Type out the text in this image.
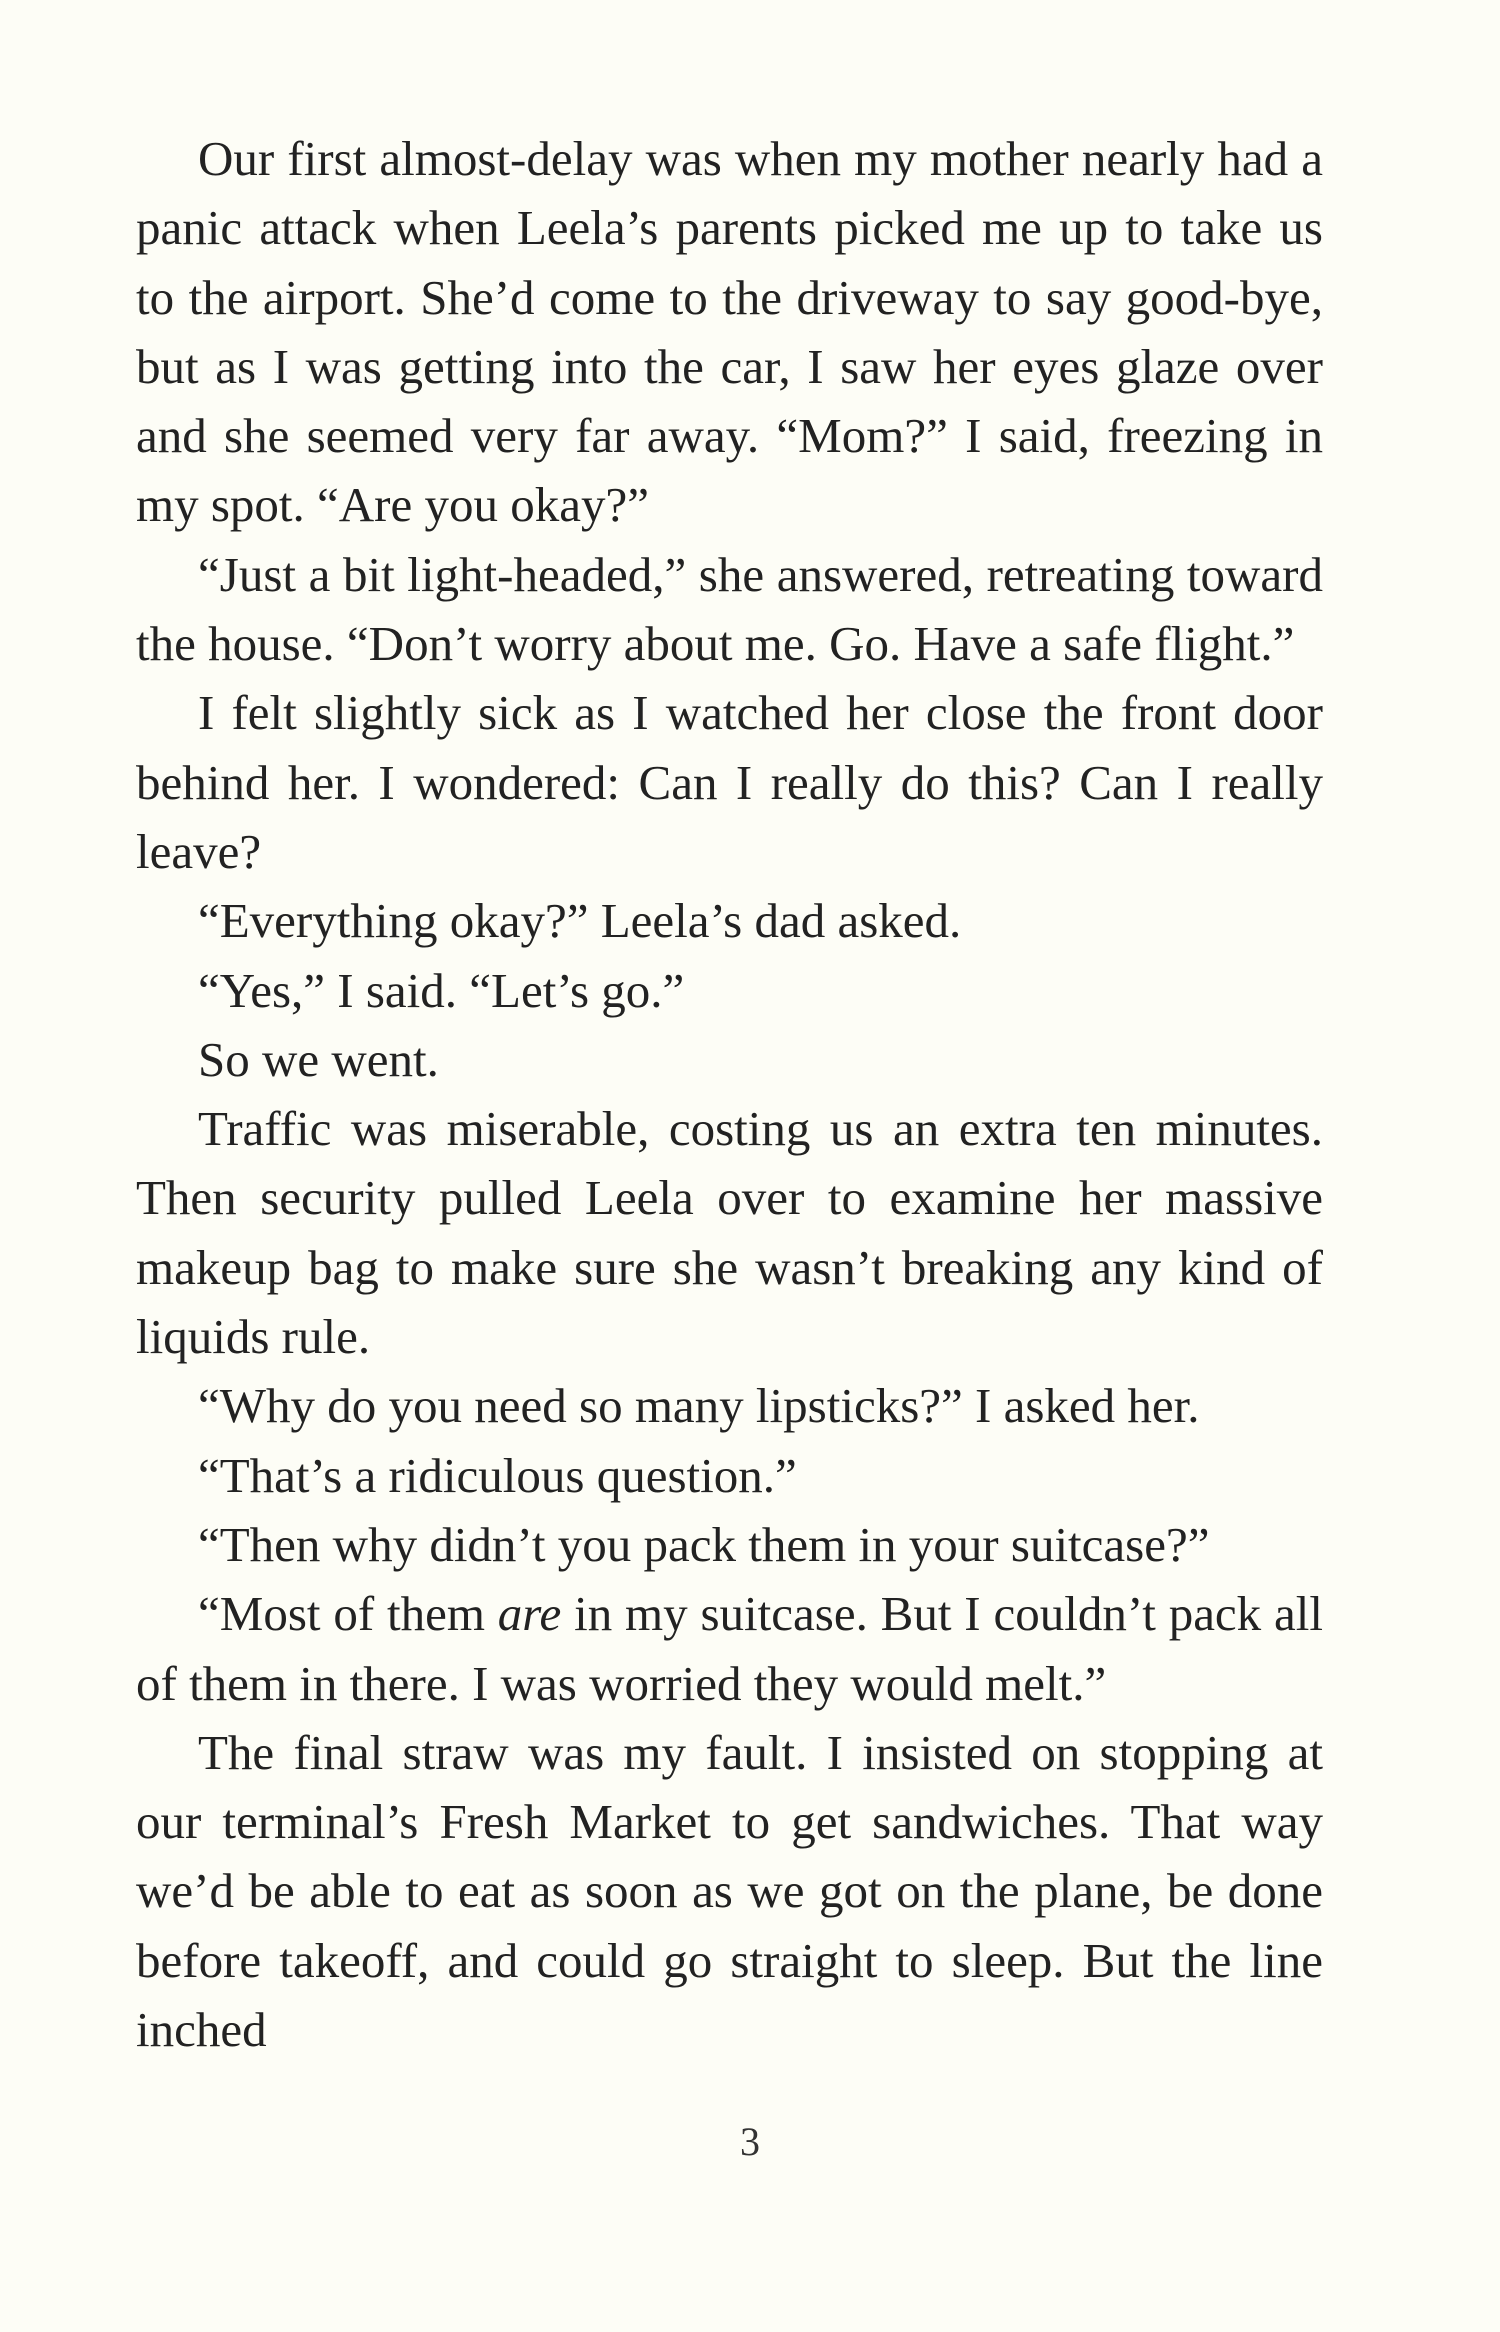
Our first almost-delay was when my mother nearly had a panic attack when Leela’s parents picked me up to take us to the airport. She’d come to the driveway to say good-bye, but as I was getting into the car, I saw her eyes glaze over and she seemed very far away. “Mom?” I said, freezing in my spot. “Are you okay?”

“Just a bit light-headed,” she answered, retreating toward the house. “Don’t worry about me. Go. Have a safe flight.”

I felt slightly sick as I watched her close the front door behind her. I wondered: Can I really do this? Can I really leave?

“Everything okay?” Leela’s dad asked.

“Yes,” I said. “Let’s go.”

So we went.

Traffic was miserable, costing us an extra ten minutes. Then security pulled Leela over to examine her massive makeup bag to make sure she wasn’t breaking any kind of liquids rule.

“Why do you need so many lipsticks?” I asked her.

“That’s a ridiculous question.”

“Then why didn’t you pack them in your suitcase?”

“Most of them are in my suitcase. But I couldn’t pack all of them in there. I was worried they would melt.”

The final straw was my fault. I insisted on stopping at our terminal’s Fresh Market to get sandwiches. That way we’d be able to eat as soon as we got on the plane, be done before takeoff, and could go straight to sleep. But the line inched

3
